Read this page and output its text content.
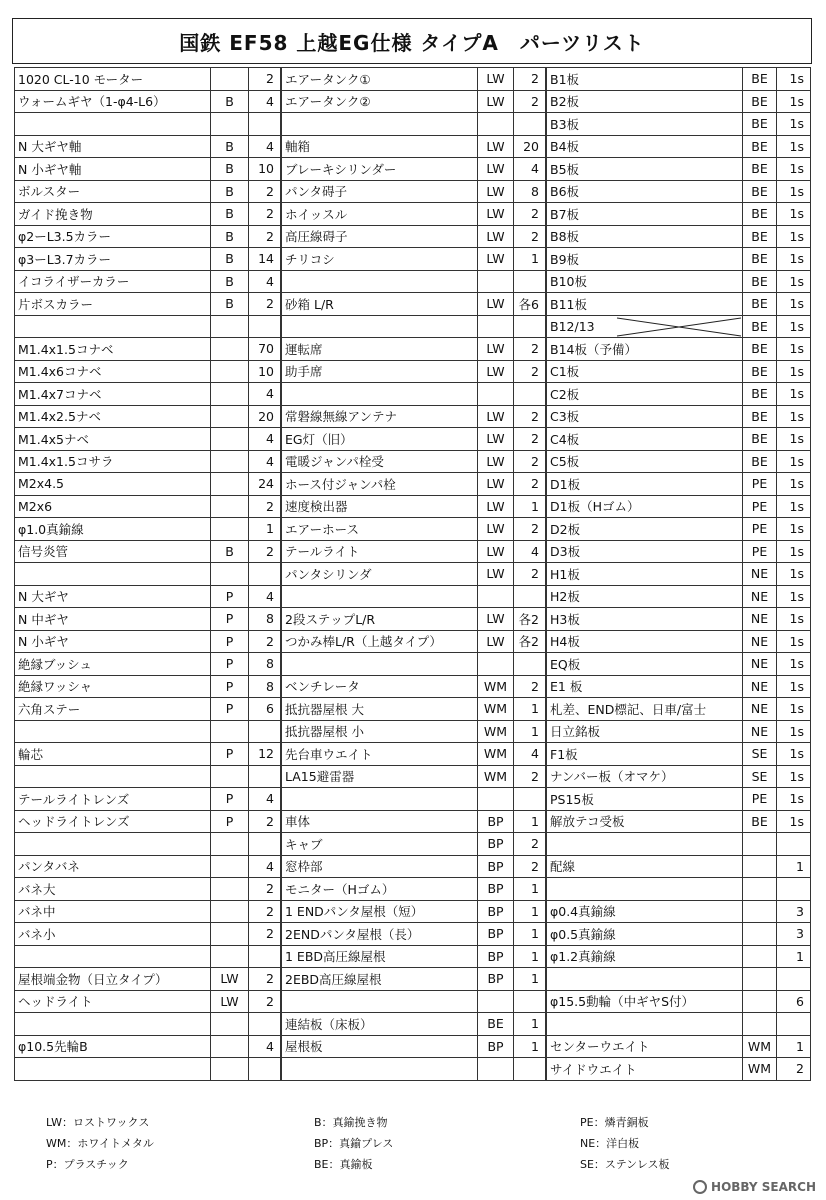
国鉄 EF58 上越EG仕様 タイプA　パーツリスト
1020 CL-10 モーター		2
ウォームギヤ（1-φ4-L6）	B	4

N 大ギヤ軸	B	4
N 小ギヤ軸	B	10
ボルスター	B	2
ガイド挽き物	B	2
φ2ーL3.5カラー	B	2
φ3ーL3.7カラー	B	14
イコライザーカラー	B	4
片ボスカラー	B	2

M1.4x1.5コナベ		70
M1.4x6コナベ		10
M1.4x7コナベ		4
M1.4x2.5ナベ		20
M1.4x5ナベ		4
M1.4x1.5コサラ		4
M2x4.5		24
M2x6		2
φ1.0真鍮線		1
信号炎管	B	2

N 大ギヤ	P	4
N 中ギヤ	P	8
N 小ギヤ	P	2
絶縁ブッシュ	P	8
絶縁ワッシャ	P	8
六角ステー	P	6

輪芯	P	12

テールライトレンズ	P	4
ヘッドライトレンズ	P	2

パンタバネ		4
バネ大		2
バネ中		2
バネ小		2

屋根端金物（日立タイプ）	LW	2
ヘッドライト	LW	2

φ10.5先輪B		4

エアータンク①	LW	2
エアータンク②	LW	2

軸箱	LW	20
ブレーキシリンダー	LW	4
パンタ碍子	LW	8
ホイッスル	LW	2
高圧線碍子	LW	2
チリコシ	LW	1

砂箱 L/R	LW	各6

運転席	LW	2
助手席	LW	2

常磐線無線アンテナ	LW	2
EG灯（旧）	LW	2
電暖ジャンパ栓受	LW	2
ホース付ジャンパ栓	LW	2
速度検出器	LW	1
エアーホース	LW	2
テールライト	LW	4
パンタシリンダ	LW	2

2段ステップL/R	LW	各2
つかみ棒L/R（上越タイプ）	LW	各2

ベンチレータ	WM	2
抵抗器屋根 大	WM	1
抵抗器屋根 小	WM	1
先台車ウエイト	WM	4
LA15避雷器	WM	2

車体	BP	1
キャブ	BP	2
窓枠部	BP	2
モニター（Hゴム）	BP	1
1 ENDパンタ屋根（短）	BP	1
2ENDパンタ屋根（長）	BP	1
1 EBD高圧線屋根	BP	1
2EBD高圧線屋根	BP	1

連結板（床板）	BE	1
屋根板	BP	1

B1板	BE	1s
B2板	BE	1s
B3板	BE	1s
B4板	BE	1s
B5板	BE	1s
B6板	BE	1s
B7板	BE	1s
B8板	BE	1s
B9板	BE	1s
B10板	BE	1s
B11板	BE	1s
B12/13	BE	1s
B14板（予備）	BE	1s
C1板	BE	1s
C2板	BE	1s
C3板	BE	1s
C4板	BE	1s
C5板	BE	1s
D1板	PE	1s
D1板（Hゴム）	PE	1s
D2板	PE	1s
D3板	PE	1s
H1板	NE	1s
H2板	NE	1s
H3板	NE	1s
H4板	NE	1s
EQ板	NE	1s
E1 板	NE	1s
札差、END標記、日車/富士	NE	1s
日立銘板	NE	1s
F1板	SE	1s
ナンバー板（オマケ）	SE	1s
PS15板	PE	1s
解放テコ受板	BE	1s

配線		1

φ0.4真鍮線		3
φ0.5真鍮線		3
φ1.2真鍮線		1

φ15.5動輪（中ギヤS付）		6

センターウエイト	WM	1
サイドウエイト	WM	2
LW：ロストワックス
WM：ホワイトメタル
P：プラスチック
B：真鍮挽き物
BP：真鍮プレス
BE：真鍮板
PE：燐青銅板
NE：洋白板
SE：ステンレス板
HOBBY SEARCH
